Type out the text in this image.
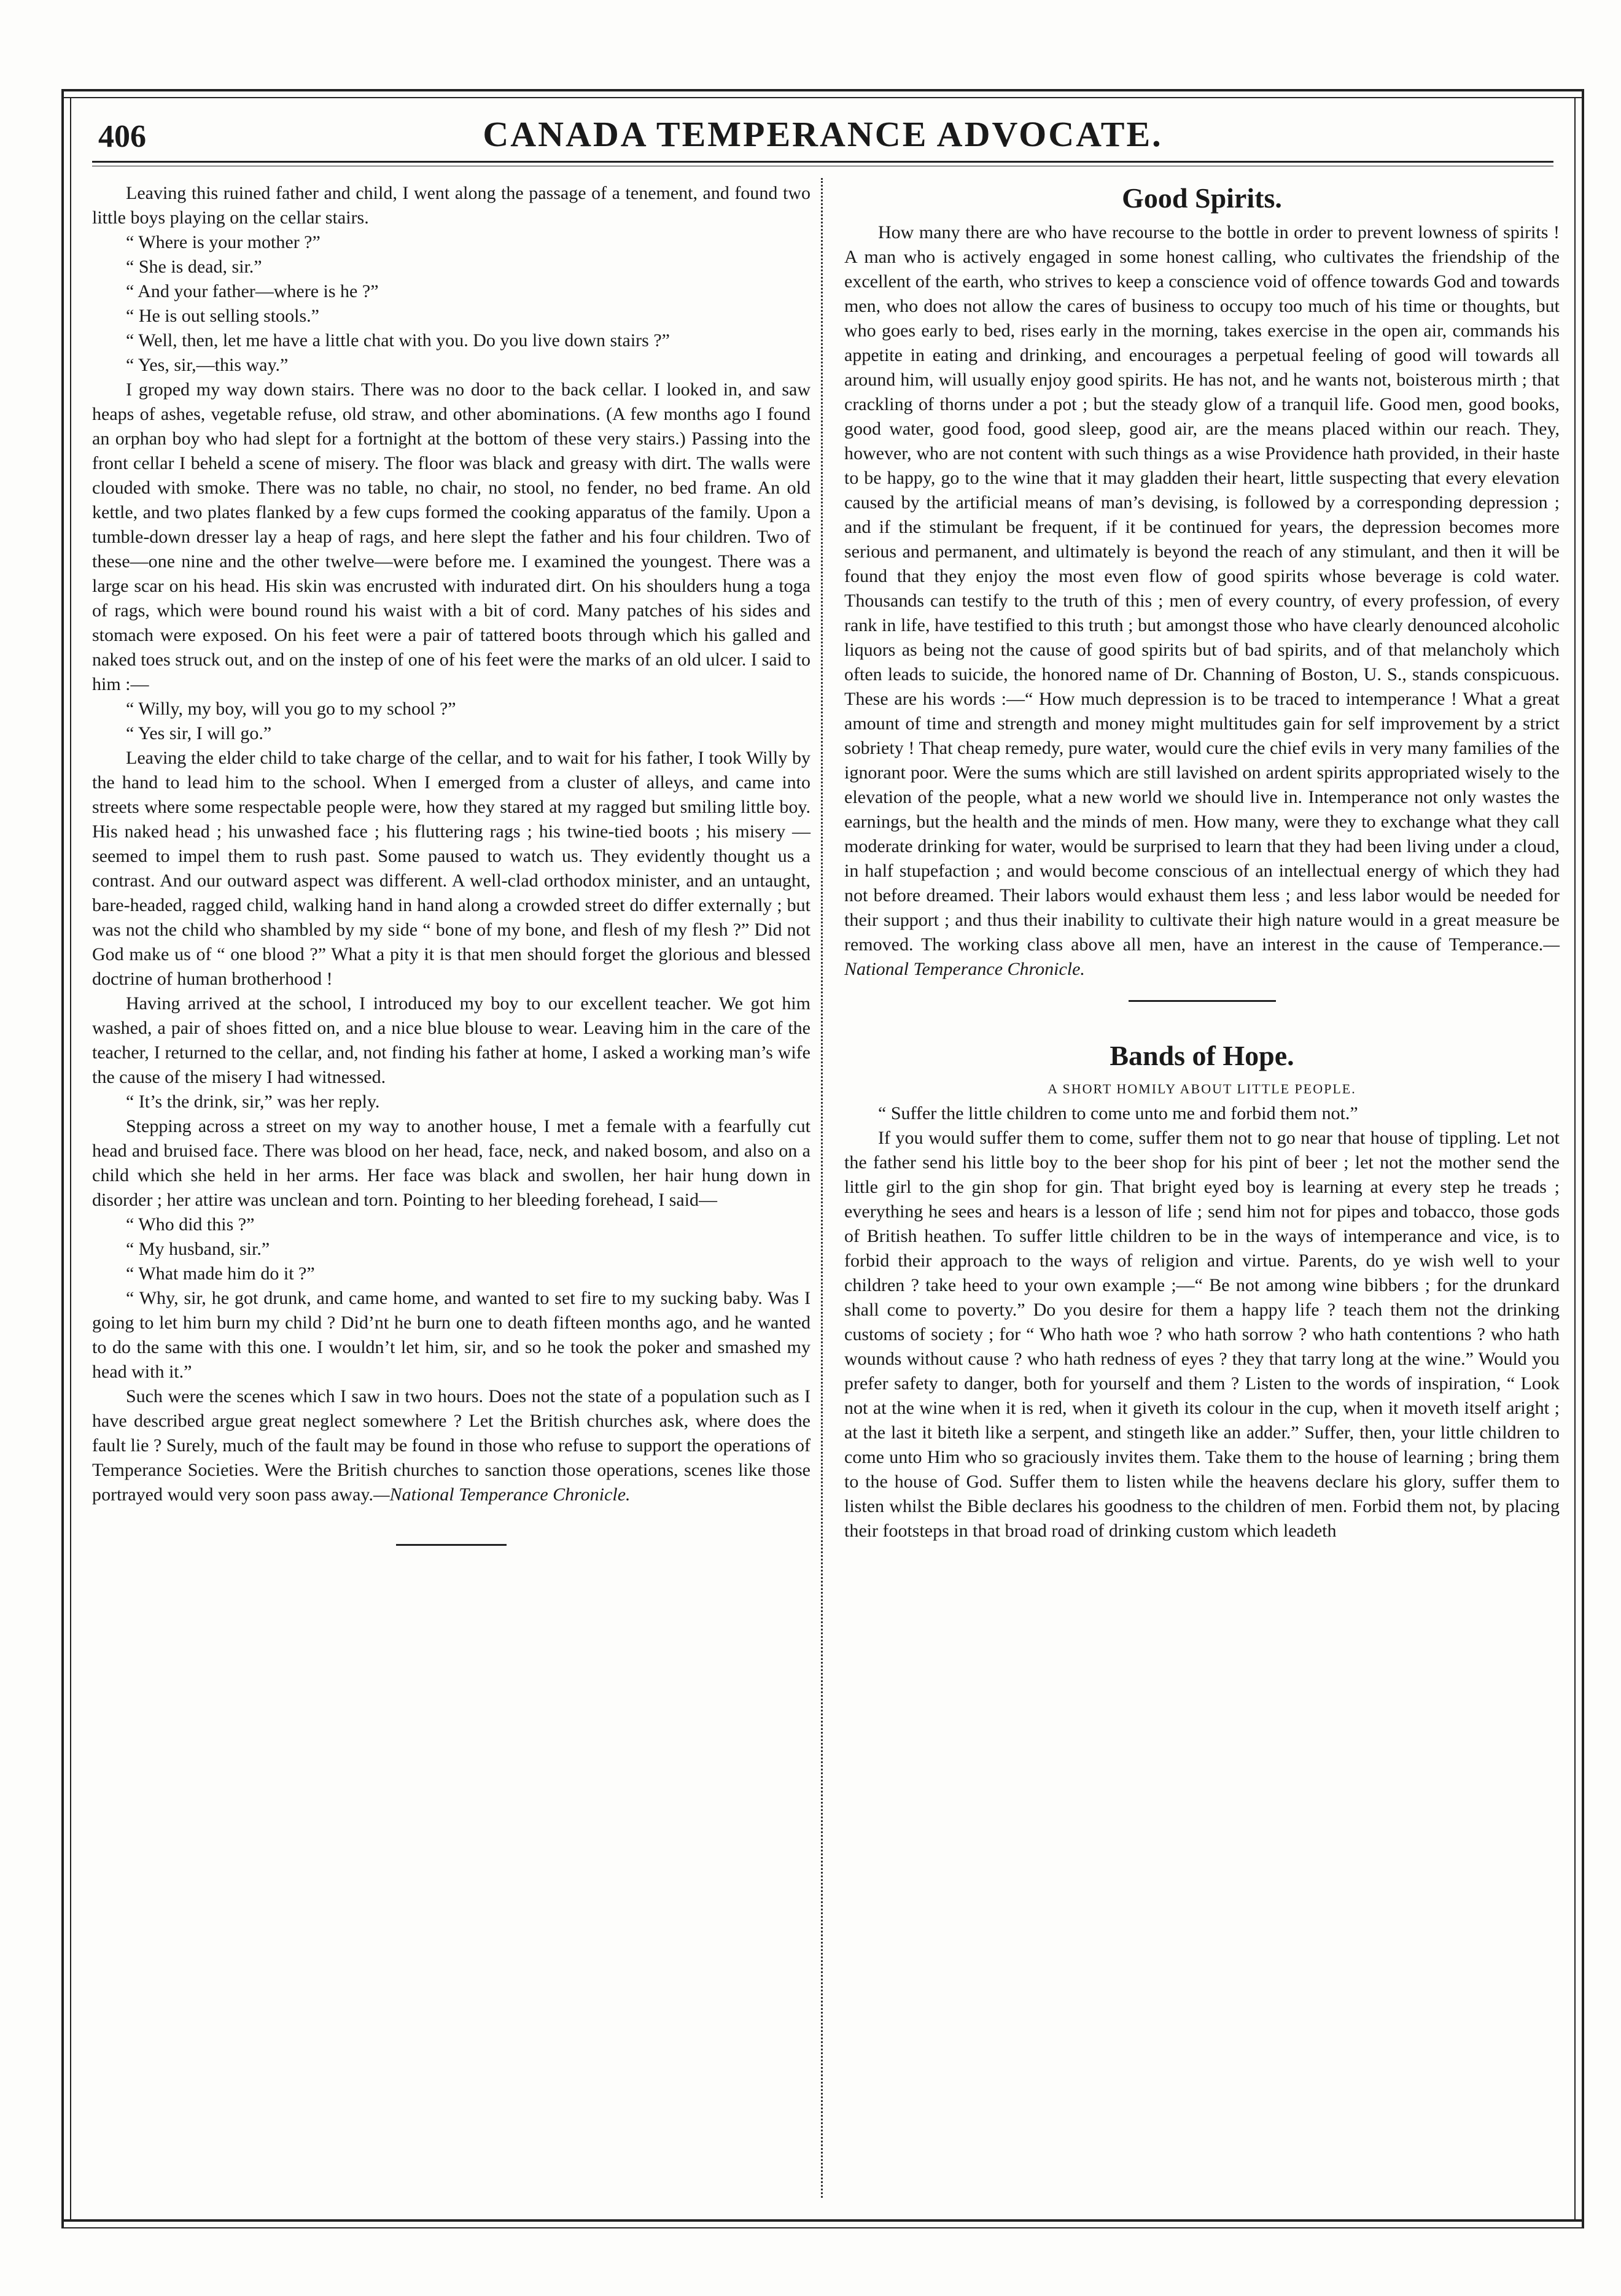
406	CANADA TEMPERANCE ADVOCATE.

Leaving this ruined father and child, I went along the passage of a tenement, and found two little boys playing on the cellar stairs.

“ Where is your mother ?”

“ She is dead, sir.”

“ And your father—where is he ?”

“ He is out selling stools.”

“ Well, then, let me have a little chat with you. Do you live down stairs ?”

“ Yes, sir,—this way.”

I groped my way down stairs. There was no door to the back cellar. I looked in, and saw heaps of ashes, vegetable refuse, old straw, and other abominations. (A few months ago I found an orphan boy who had slept for a fortnight at the bottom of these very stairs.) Passing into the front cellar I beheld a scene of misery. The floor was black and greasy with dirt. The walls were clouded with smoke. There was no table, no chair, no stool, no fender, no bed frame. An old kettle, and two plates flanked by a few cups formed the cooking apparatus of the family. Upon a tumble-down dresser lay a heap of rags, and here slept the father and his four children. Two of these—one nine and the other twelve—were before me. I examined the youngest. There was a large scar on his head. His skin was encrusted with indurated dirt. On his shoulders hung a toga of rags, which were bound round his waist with a bit of cord. Many patches of his sides and stomach were exposed. On his feet were a pair of tattered boots through which his galled and naked toes struck out, and on the instep of one of his feet were the marks of an old ulcer. I said to him :—

“ Willy, my boy, will you go to my school ?”

“ Yes sir, I will go.”

Leaving the elder child to take charge of the cellar, and to wait for his father, I took Willy by the hand to lead him to the school. When I emerged from a cluster of alleys, and came into streets where some respectable people were, how they stared at my ragged but smiling little boy. His naked head ; his unwashed face ; his fluttering rags ; his twine-tied boots ; his misery —seemed to impel them to rush past. Some paused to watch us. They evidently thought us a contrast. And our outward aspect was different. A well-clad orthodox minister, and an untaught, bare-headed, ragged child, walking hand in hand along a crowded street do differ externally ; but was not the child who shambled by my side “ bone of my bone, and flesh of my flesh ?” Did not God make us of “ one blood ?” What a pity it is that men should forget the glorious and blessed doctrine of human brotherhood !

Having arrived at the school, I introduced my boy to our excellent teacher. We got him washed, a pair of shoes fitted on, and a nice blue blouse to wear. Leaving him in the care of the teacher, I returned to the cellar, and, not finding his father at home, I asked a working man’s wife the cause of the misery I had witnessed.

“ It’s the drink, sir,” was her reply.

Stepping across a street on my way to another house, I met a female with a fearfully cut head and bruised face. There was blood on her head, face, neck, and naked bosom, and also on a child which she held in her arms. Her face was black and swollen, her hair hung down in disorder ; her attire was unclean and torn. Pointing to her bleeding forehead, I said—

“ Who did this ?”

“ My husband, sir.”

“ What made him do it ?”

“ Why, sir, he got drunk, and came home, and wanted to set fire to my sucking baby. Was I going to let him burn my child ? Did’nt he burn one to death fifteen months ago, and he wanted to do the same with this one. I wouldn’t let him, sir, and so he took the poker and smashed my head with it.”

Such were the scenes which I saw in two hours. Does not the state of a population such as I have described argue great neglect somewhere ? Let the British churches ask, where does the fault lie ? Surely, much of the fault may be found in those who refuse to support the operations of Temperance Societies. Were the British churches to sanction those operations, scenes like those portrayed would very soon pass away.—National Temperance Chronicle.

Good Spirits.

How many there are who have recourse to the bottle in order to prevent lowness of spirits ! A man who is actively engaged in some honest calling, who cultivates the friendship of the excellent of the earth, who strives to keep a conscience void of offence towards God and towards men, who does not allow the cares of business to occupy too much of his time or thoughts, but who goes early to bed, rises early in the morning, takes exercise in the open air, commands his appetite in eating and drinking, and encourages a perpetual feeling of good will towards all around him, will usually enjoy good spirits. He has not, and he wants not, boisterous mirth ; that crackling of thorns under a pot ; but the steady glow of a tranquil life. Good men, good books, good water, good food, good sleep, good air, are the means placed within our reach. They, however, who are not content with such things as a wise Providence hath provided, in their haste to be happy, go to the wine that it may gladden their heart, little suspecting that every elevation caused by the artificial means of man’s devising, is followed by a corresponding depression ; and if the stimulant be frequent, if it be continued for years, the depression becomes more serious and permanent, and ultimately is beyond the reach of any stimulant, and then it will be found that they enjoy the most even flow of good spirits whose beverage is cold water. Thousands can testify to the truth of this ; men of every country, of every profession, of every rank in life, have testified to this truth ; but amongst those who have clearly denounced alcoholic liquors as being not the cause of good spirits but of bad spirits, and of that melancholy which often leads to suicide, the honored name of Dr. Channing of Boston, U. S., stands conspicuous. These are his words :—“ How much depression is to be traced to intemperance ! What a great amount of time and strength and money might multitudes gain for self improvement by a strict sobriety ! That cheap remedy, pure water, would cure the chief evils in very many families of the ignorant poor. Were the sums which are still lavished on ardent spirits appropriated wisely to the elevation of the people, what a new world we should live in. Intemperance not only wastes the earnings, but the health and the minds of men. How many, were they to exchange what they call moderate drinking for water, would be surprised to learn that they had been living under a cloud, in half stupefaction ; and would become conscious of an intellectual energy of which they had not before dreamed. Their labors would exhaust them less ; and less labor would be needed for their support ; and thus their inability to cultivate their high nature would in a great measure be removed. The working class above all men, have an interest in the cause of Temperance.—National Temperance Chronicle.

Bands of Hope.
A SHORT HOMILY ABOUT LITTLE PEOPLE.

“ Suffer the little children to come unto me and forbid them not.”

If you would suffer them to come, suffer them not to go near that house of tippling. Let not the father send his little boy to the beer shop for his pint of beer ; let not the mother send the little girl to the gin shop for gin. That bright eyed boy is learning at every step he treads ; everything he sees and hears is a lesson of life ; send him not for pipes and tobacco, those gods of British heathen. To suffer little children to be in the ways of intemperance and vice, is to forbid their approach to the ways of religion and virtue. Parents, do ye wish well to your children ? take heed to your own example ;—“ Be not among wine bibbers ; for the drunkard shall come to poverty.” Do you desire for them a happy life ? teach them not the drinking customs of society ; for “ Who hath woe ? who hath sorrow ? who hath contentions ? who hath wounds without cause ? who hath redness of eyes ? they that tarry long at the wine.” Would you prefer safety to danger, both for yourself and them ? Listen to the words of inspiration, “ Look not at the wine when it is red, when it giveth its colour in the cup, when it moveth itself aright ; at the last it biteth like a serpent, and stingeth like an adder.” Suffer, then, your little children to come unto Him who so graciously invites them. Take them to the house of learning ; bring them to the house of God. Suffer them to listen while the heavens declare his glory, suffer them to listen whilst the Bible declares his goodness to the children of men. Forbid them not, by placing their footsteps in that broad road of drinking custom which leadeth
